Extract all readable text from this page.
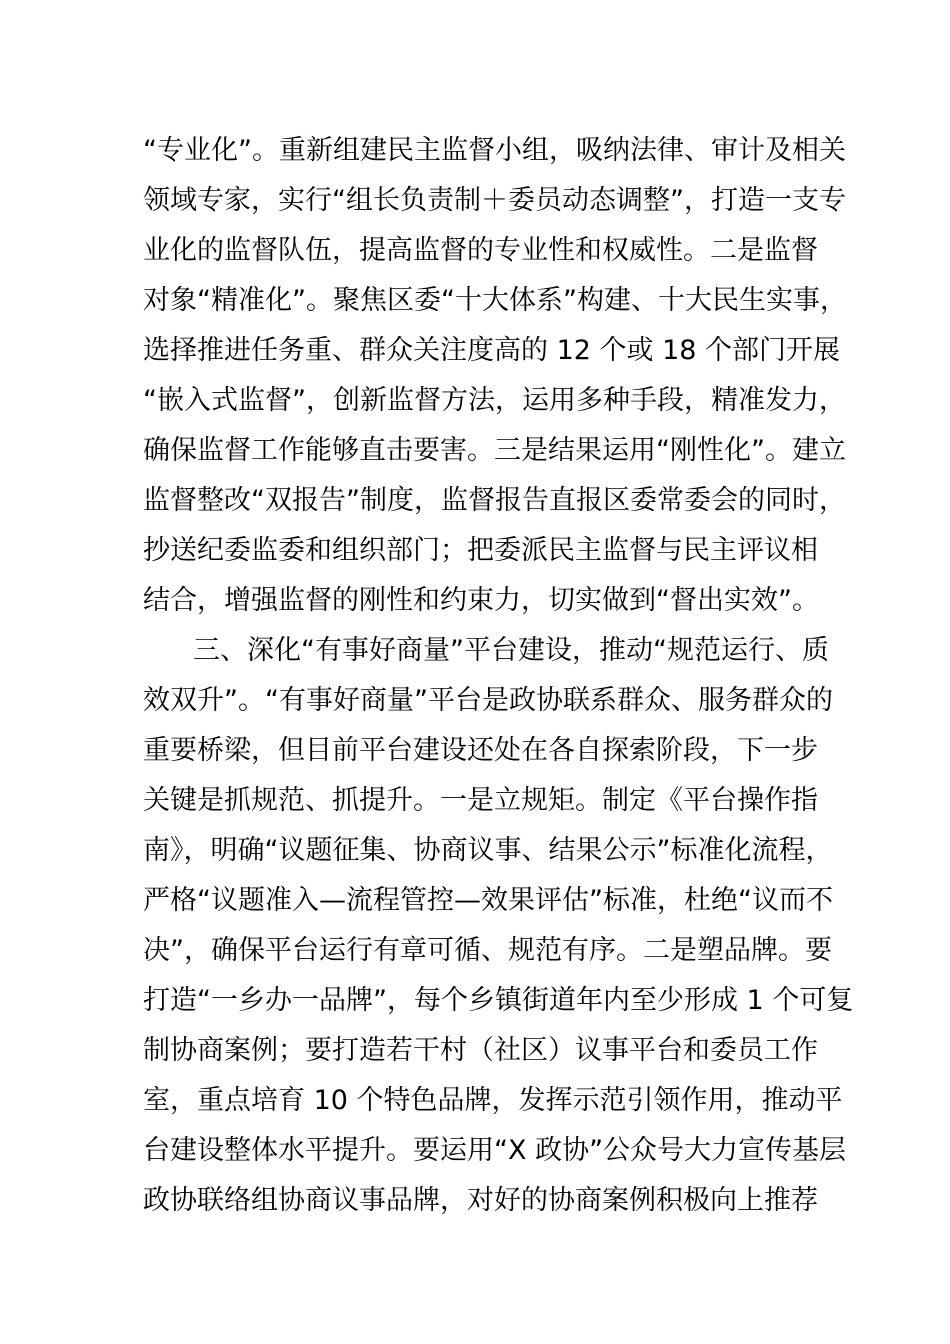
“专业化”。重新组建民主监督小组，吸纳法律、审计及相关
领域专家，实行“组长负责制＋委员动态调整”，打造一支专
业化的监督队伍，提高监督的专业性和权威性。二是监督
对象“精准化”。聚焦区委“十大体系”构建、十大民生实事，
选择推进任务重、群众关注度高的 12 个或 18 个部门开展
“嵌入式监督”，创新监督方法，运用多种手段，精准发力，
确保监督工作能够直击要害。三是结果运用“刚性化”。建立
监督整改“双报告”制度，监督报告直报区委常委会的同时，
抄送纪委监委和组织部门；把委派民主监督与民主评议相
结合，增强监督的刚性和约束力，切实做到“督出实效”。
三、深化“有事好商量”平台建设，推动“规范运行、质
效双升”。“有事好商量”平台是政协联系群众、服务群众的
重要桥梁，但目前平台建设还处在各自探索阶段，下一步
关键是抓规范、抓提升。一是立规矩。制定《平台操作指
南》，明确“议题征集、协商议事、结果公示”标准化流程，
严格“议题准入—流程管控—效果评估”标准，杜绝“议而不
决”，确保平台运行有章可循、规范有序。二是塑品牌。要
打造“一乡办一品牌”，每个乡镇街道年内至少形成 1 个可复
制协商案例；要打造若干村（社区）议事平台和委员工作
室，重点培育 10 个特色品牌，发挥示范引领作用，推动平
台建设整体水平提升。要运用“X 政协”公众号大力宣传基层
政协联络组协商议事品牌，对好的协商案例积极向上推荐
